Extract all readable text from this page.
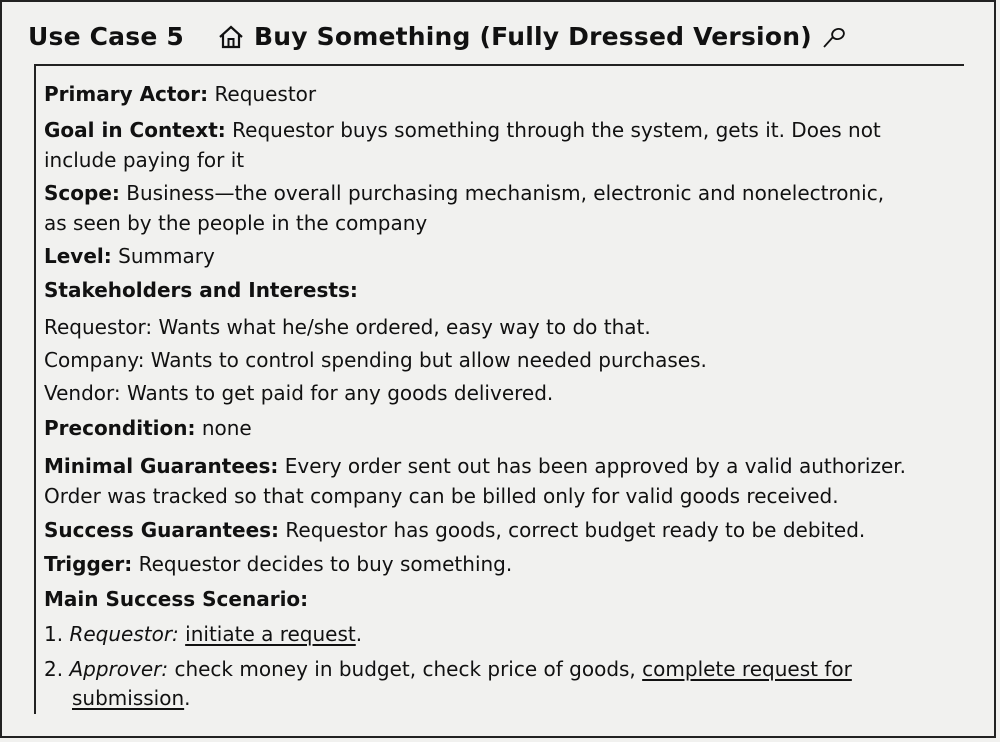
Use Case 5	Buy Something (Fully Dressed Version)
Primary Actor: Requestor
Goal in Context: Requestor buys something through the system, gets it. Does not
include paying for it
Scope: Business—the overall purchasing mechanism, electronic and nonelectronic,
as seen by the people in the company
Level: Summary
Stakeholders and Interests:
Requestor: Wants what he/she ordered, easy way to do that.
Company: Wants to control spending but allow needed purchases.
Vendor: Wants to get paid for any goods delivered.
Precondition: none
Minimal Guarantees: Every order sent out has been approved by a valid authorizer.
Order was tracked so that company can be billed only for valid goods received.
Success Guarantees: Requestor has goods, correct budget ready to be debited.
Trigger: Requestor decides to buy something.
Main Success Scenario:
1. Requestor: initiate a request.
2. Approver: check money in budget, check price of goods, complete request for
submission.
